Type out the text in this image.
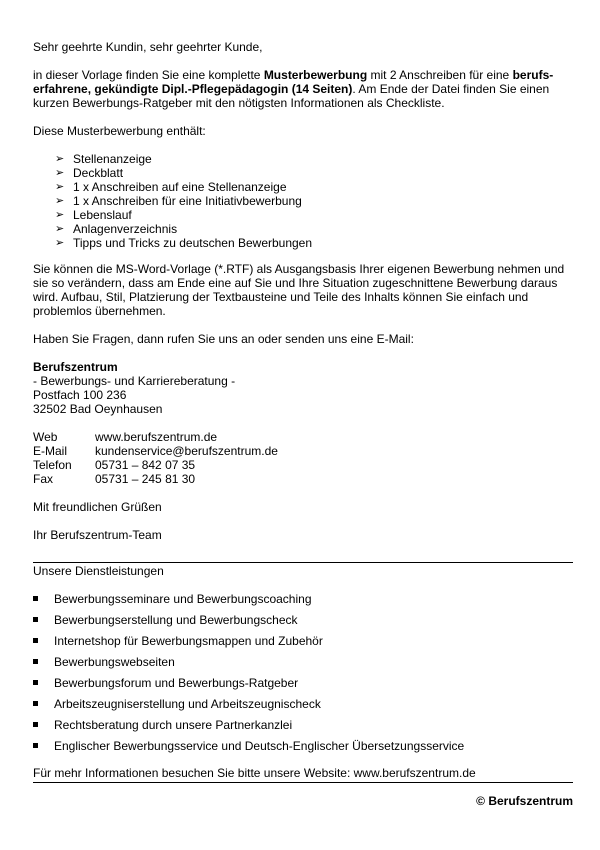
Sehr geehrte Kundin, sehr geehrter Kunde,

in dieser Vorlage finden Sie eine komplette Musterbewerbung mit 2 Anschreiben für eine berufs-erfahrene, gekündigte Dipl.-Pflegepädagogin (14 Seiten). Am Ende der Datei finden Sie einen kurzen Bewerbungs-Ratgeber mit den nötigsten Informationen als Checkliste.

Diese Musterbewerbung enthält:

➢ Stellenanzeige
➢ Deckblatt
➢ 1 x Anschreiben auf eine Stellenanzeige
➢ 1 x Anschreiben für eine Initiativbewerbung
➢ Lebenslauf
➢ Anlagenverzeichnis
➢ Tipps und Tricks zu deutschen Bewerbungen

Sie können die MS-Word-Vorlage (*.RTF) als Ausgangsbasis Ihrer eigenen Bewerbung nehmen und sie so verändern, dass am Ende eine auf Sie und Ihre Situation zugeschnittene Bewerbung daraus wird. Aufbau, Stil, Platzierung der Textbausteine und Teile des Inhalts können Sie einfach und problemlos übernehmen.

Haben Sie Fragen, dann rufen Sie uns an oder senden uns eine E-Mail:

Berufszentrum
- Bewerbungs- und Karriereberatung -
Postfach 100 236
32502 Bad Oeynhausen
Web	www.berufszentrum.de
E-Mail	kundenservice@berufszentrum.de
Telefon	05731 – 842 07 35
Fax	05731 – 245 81 30

Mit freundlichen Grüßen

Ihr Berufszentrum-Team

Unsere Dienstleistungen

Bewerbungsseminare und Bewerbungscoaching
Bewerbungserstellung und Bewerbungscheck
Internetshop für Bewerbungsmappen und Zubehör
Bewerbungswebseiten
Bewerbungsforum und Bewerbungs-Ratgeber
Arbeitszeugniserstellung und Arbeitszeugnischeck
Rechtsberatung durch unsere Partnerkanzlei
Englischer Bewerbungsservice und Deutsch-Englischer Übersetzungsservice

Für mehr Informationen besuchen Sie bitte unsere Website: www.berufszentrum.de

© Berufszentrum
